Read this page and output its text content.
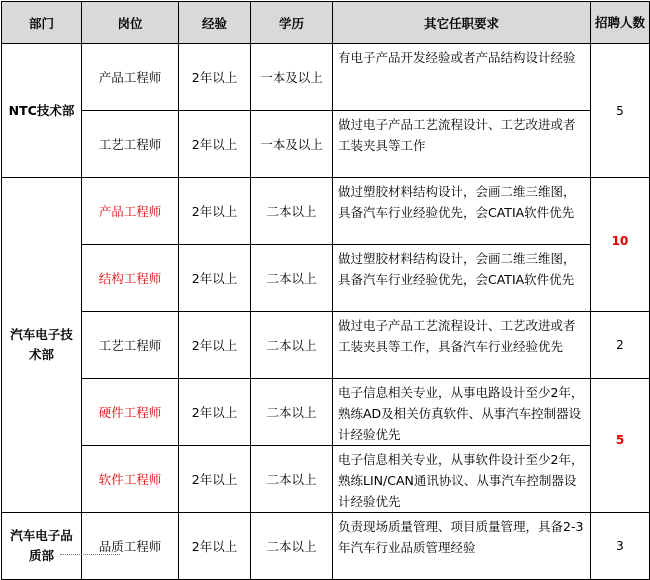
部门	岗位	经验	学历	其它任职要求	招聘人数
NTC技术部	产品工程师	2年以上	一本及以上	有电子产品开发经验或者产品结构设计经验	5
	工艺工程师	2年以上	一本及以上	做过电子产品工艺流程设计、工艺改进或者工装夹具等工作	
汽车电子技术部	产品工程师	2年以上	二本以上	做过塑胶材料结构设计，会画二维三维图，具备汽车行业经验优先，会CATIA软件优先	10
	结构工程师	2年以上	二本以上	做过塑胶材料结构设计，会画二维三维图，具备汽车行业经验优先，会CATIA软件优先	
	工艺工程师	2年以上	二本以上	做过电子产品工艺流程设计、工艺改进或者工装夹具等工作，具备汽车行业经验优先	2
	硬件工程师	2年以上	二本以上	电子信息相关专业，从事电路设计至少2年，熟练AD及相关仿真软件、从事汽车控制器设计经验优先	5
	软件工程师	2年以上	二本以上	电子信息相关专业，从事软件设计至少2年，熟练LIN/CAN通讯协议、从事汽车控制器设计经验优先	
汽车电子品质部	品质工程师	2年以上	二本以上	负责现场质量管理、项目质量管理，具备2-3年汽车行业品质管理经验	3
